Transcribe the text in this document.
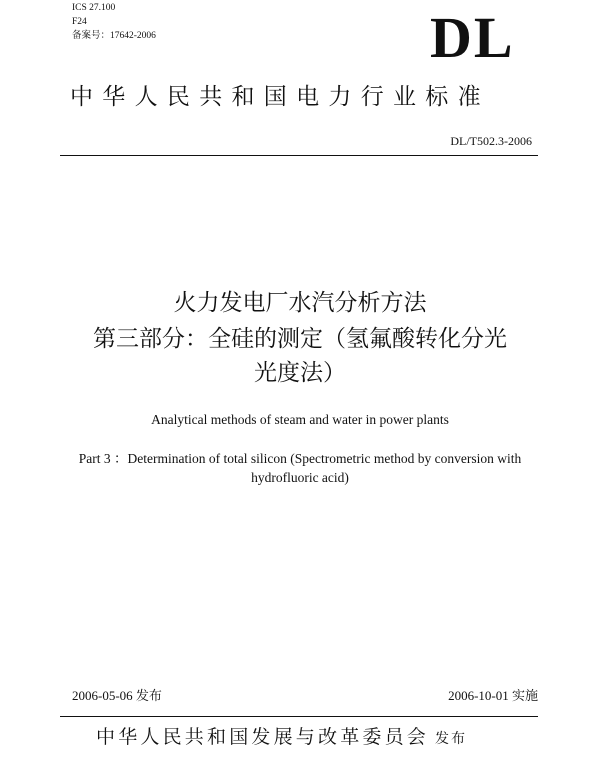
ICS 27.100
F24
备案号：17642-2006	DL
中华人民共和国电力行业标准
DL/T502.3-2006
火力发电厂水汽分析方法
第三部分：全硅的测定（氢氟酸转化分光
光度法）
Analytical methods of steam and water in power plants
Part 3 ：Determination of total silicon (Spectrometric method by conversion with
hydrofluoric acid)
2006-05-06 发布	2006-10-01 实施
中华人民共和国发展与改革委员会 发布
